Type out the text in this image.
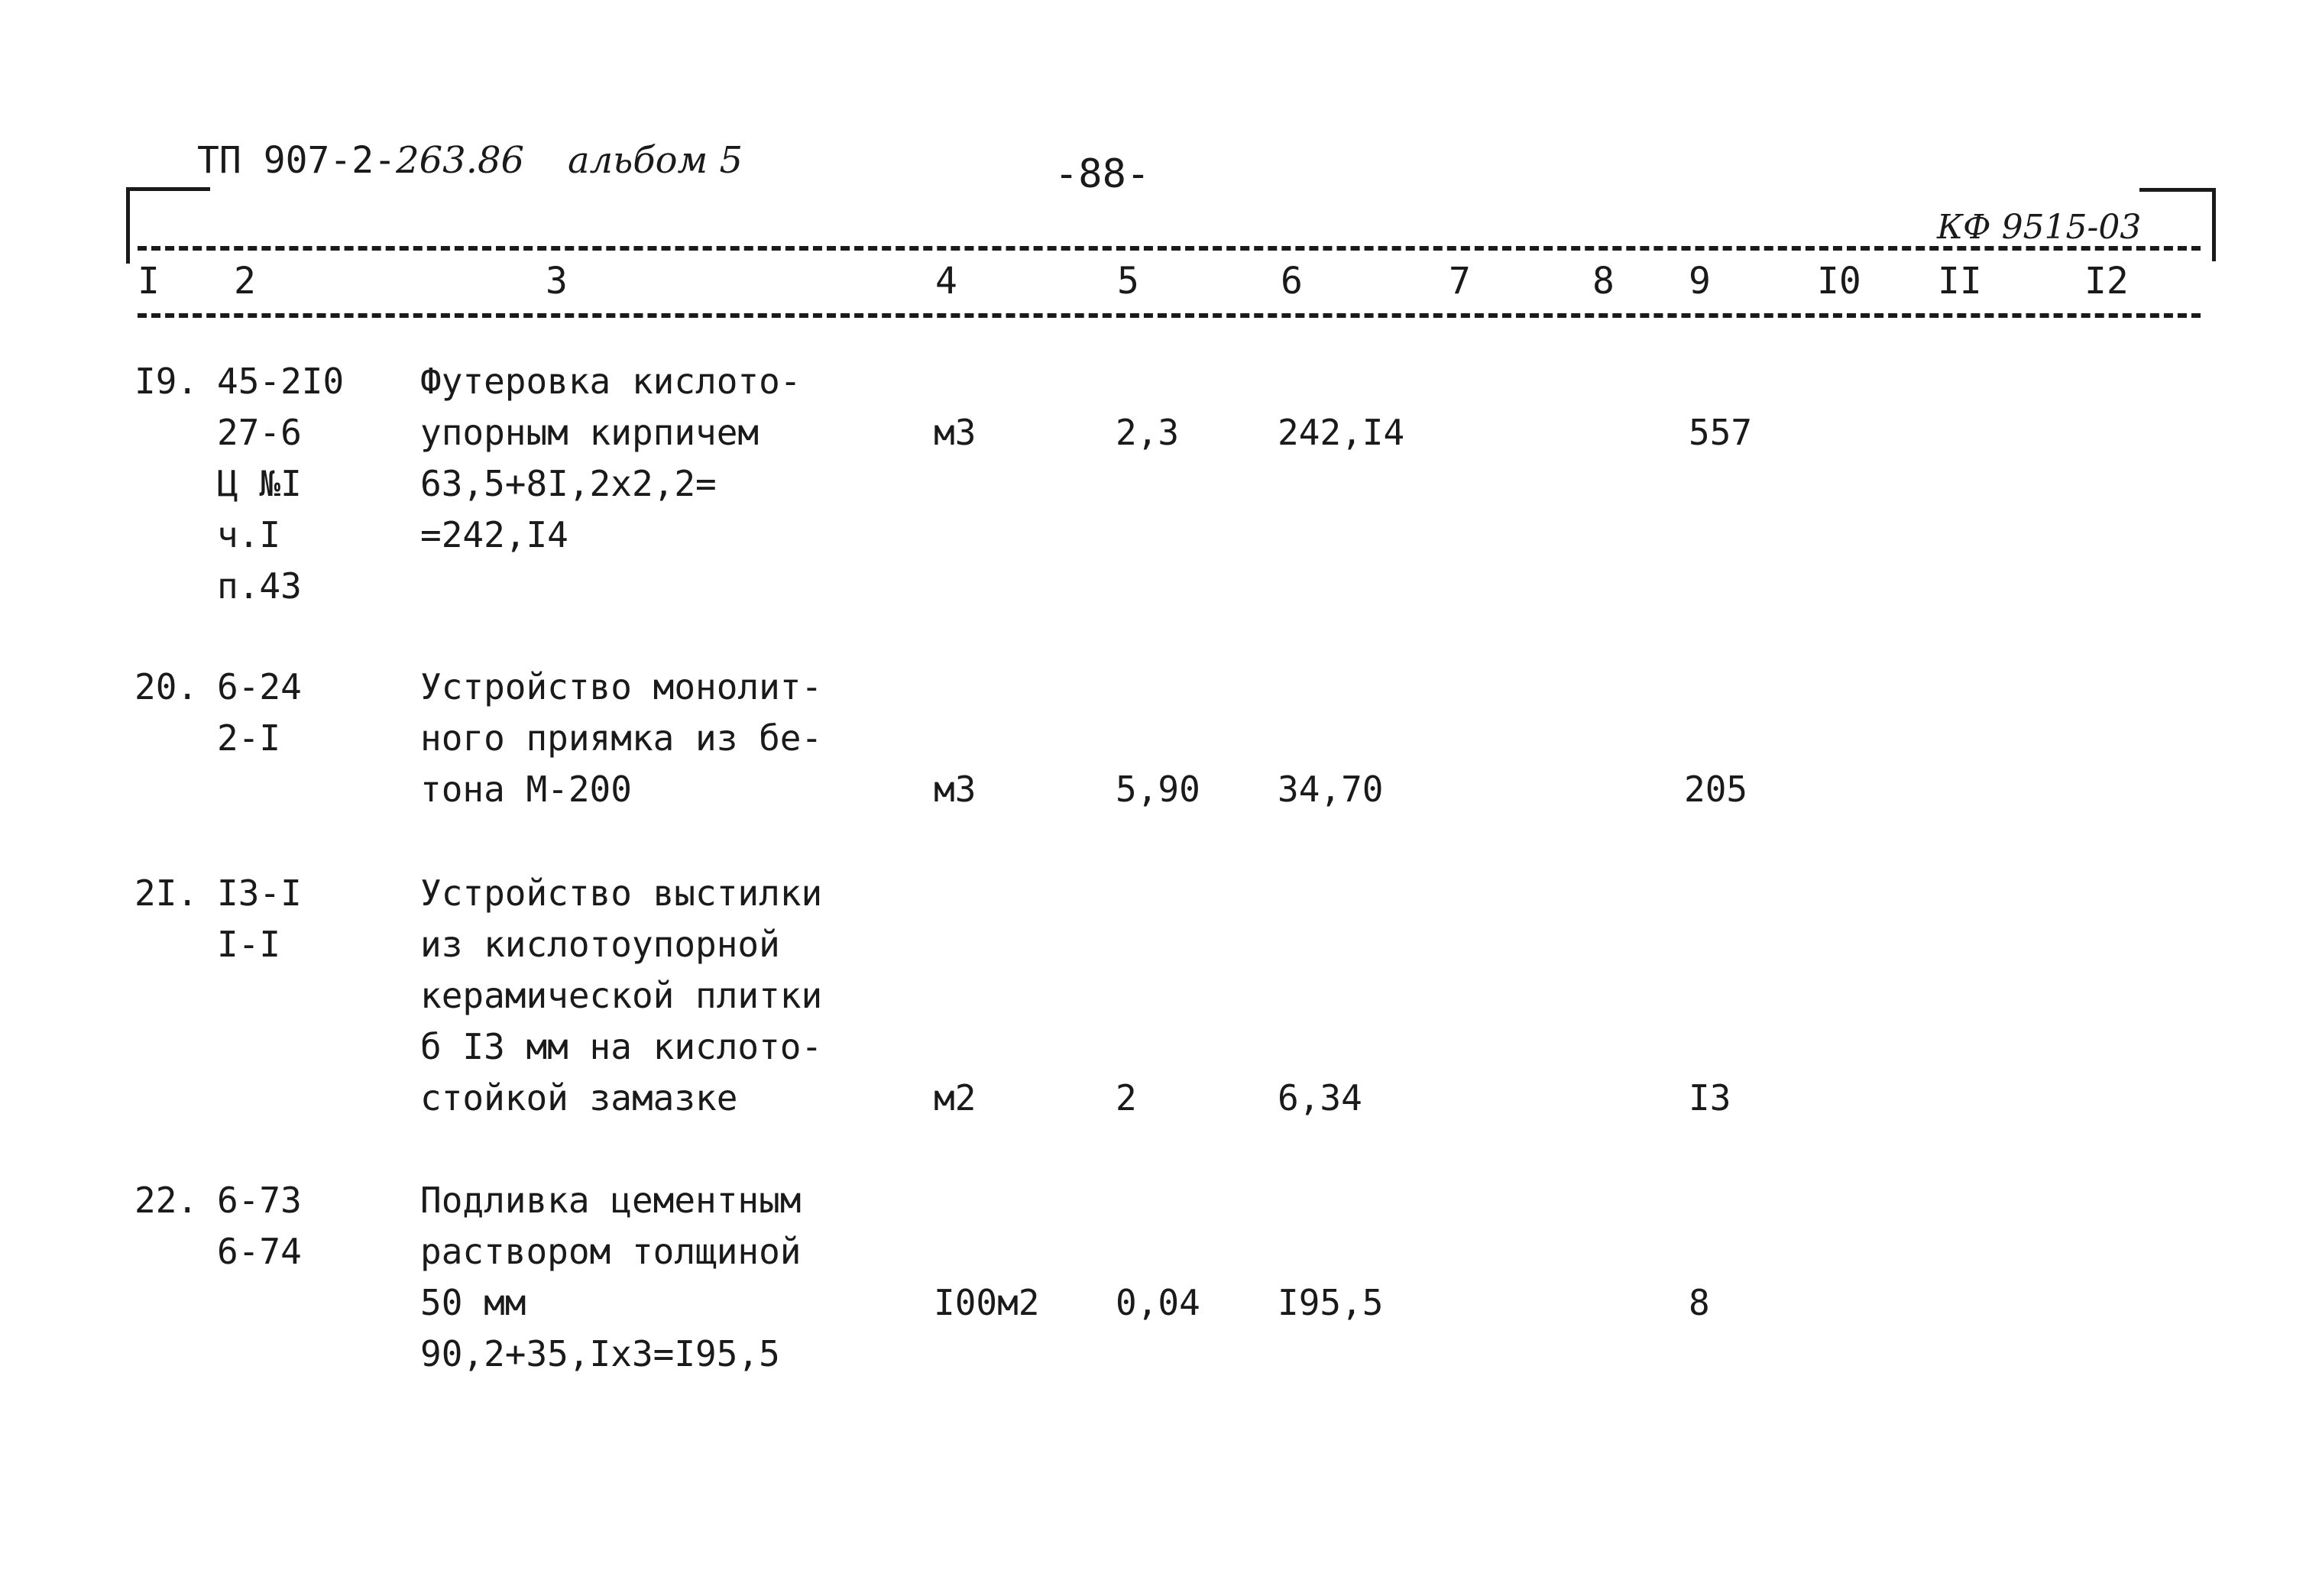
ТП 907-2-263.86 альбом 5	-88-
КФ 9515-03
I 2	3	4	5	6	7	8 9	I0 II	I2
I9. 45-2I0
27-6
Ц №I
ч.I
п.43
Футеровка кислото-
упорным кирпичем
63,5+8I,2х2,2=
=242,I4
м3	2,3	242,I4	557
20. 6-24
2-I
Устройство монолит-
ного приямка из бе-
тона М-200	м3	5,90 34,70	205
2I. I3-I
I-I
Устройство выстилки
из кислотоупорной
керамической плитки
б I3 мм на кислото-
стойкой замазке	м2	2	6,34	I3
22. 6-73
6-74
Подливка цементным
раствором толщиной
50 мм
90,2+35,Iх3=I95,5
I00м2 0,04 I95,5	8
